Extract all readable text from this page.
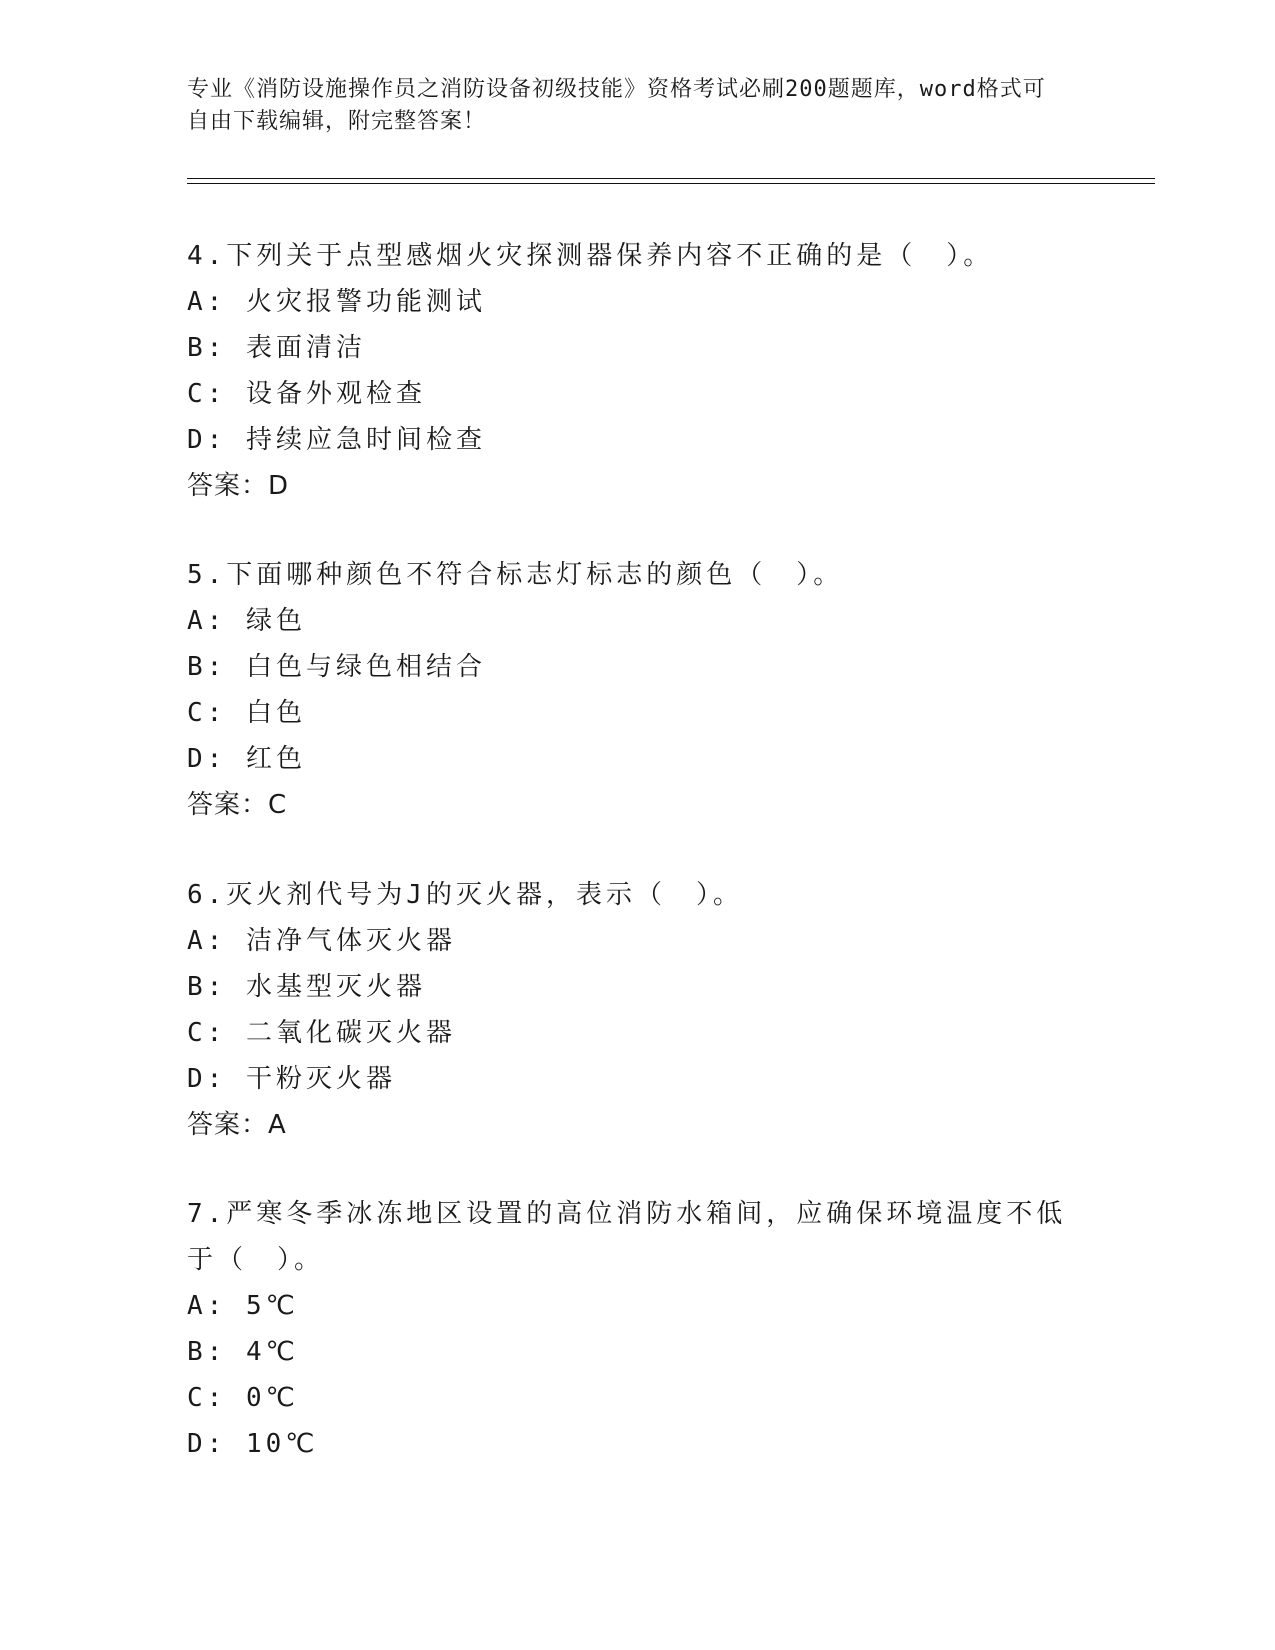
专业《消防设施操作员之消防设备初级技能》资格考试必刷200题题库，word格式可自由下载编辑，附完整答案！
4.下列关于点型感烟火灾探测器保养内容不正确的是（　）。
A: 火灾报警功能测试
B: 表面清洁
C: 设备外观检查
D: 持续应急时间检查
答案：D
5.下面哪种颜色不符合标志灯标志的颜色（　）。
A: 绿色
B: 白色与绿色相结合
C: 白色
D: 红色
答案：C
6.灭火剂代号为J的灭火器，表示（　）。
A: 洁净气体灭火器
B: 水基型灭火器
C: 二氧化碳灭火器
D: 干粉灭火器
答案：A
7.严寒冬季冰冻地区设置的高位消防水箱间，应确保环境温度不低于（　）。
A: 5℃
B: 4℃
C: 0℃
D: 10℃
